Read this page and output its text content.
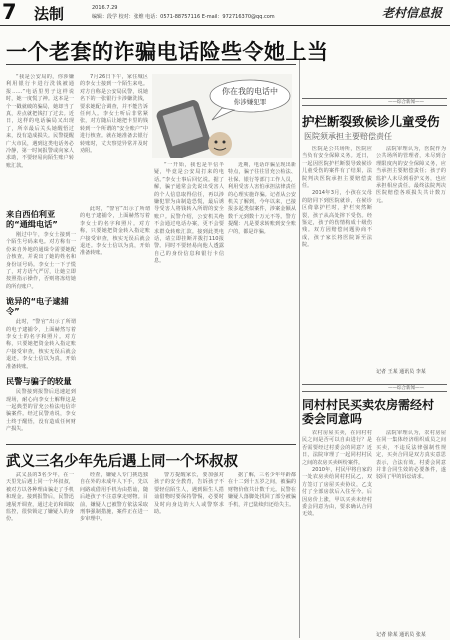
7 法制	2016.7.29
编辑：段学 校对：张维 电话：0571-88757116 E-mail：972716370@qq.com	老村信息报
一个老套的诈骗电话险些令她上当
你在我的电话中
你涉嫌犯罪

“我是公安局的，你涉嫌利用银行卡进行洗钱被通报……”电话里男子这样说时，她一度慌了神。这本是一个一戳就破的骗局，她却当了真，差点就把钱打了过去。近日，这样的电话骗局又出现了，所幸最后关头她醒悟过来，没有造成损失。民警提醒广大市民，遇到这类电话务必冷静，第一时间报警或向家人求助，不要轻易向陌生账户转账汇款。

7月26日下午，家住城区的李女士接到一个陌生来电。对方自称是公安局民警，说她名下的一张银行卡涉嫌洗钱，要求她配合调查，并不能告诉任何人。李女士听后非常紧张，对方随后让她把卡里的钱转到一个所谓的“安全账户”中进行核查。就在她准备去银行转账时，丈夫察觉异常并及时劝阻。

来自西伯利亚的“通缉电话”

刚过中午，李女士接到一个陌生号码来电。对方称有一份来自外地的通缉令需要她配合核查，并说出了她的姓名和身份证号码。李女士一下子慌了，对方语气严厉，让她立即按照指示操作，否则将冻结她的所有账户。

诡异的“电子逮捕令”

此时，“警官”出示了所谓的电子逮捕令，上面赫然写着李女士的名字和照片。对方称，只要她把资金转入指定账户接受审查，核实无误后就会退还。李女士信以为真，开始准备转账。

民警与骗子的较量

民警接到报警后迅速赶到现场，耐心向李女士解释这是一起典型的冒充公检法电信诈骗案件。经过民警劝说，李女士终于醒悟，没有造成任何财产损失。

此时，“警官”出示了所谓的电子逮捕令，上面赫然写着李女士的名字和照片。对方称，只要她把资金转入指定账户接受审查，核实无误后就会退还。李女士信以为真，开始准备转账。

“一开始，我也是半信半疑，毕竟是公安局打来的电话。”李女士事后回忆说。据了解，骗子通常会先说出受害人的个人信息取得信任，再以涉嫌犯罪为由制造恐慌，最后诱导受害人将钱转入所谓的安全账户。民警介绍，公安机关绝不会通过电话办案，更不会要求群众转账汇款。接到此类电话，请立即挂断并拨打110报警。同时不要轻易向他人透露自己的身份信息和银行卡信息。

近期，电话诈骗呈现出新特点，骗子往往冒充公检法、社保、银行等部门工作人员，利用受害人害怕承担法律责任的心理实施诈骗。记者从公安机关了解到，今年以来，已接报多起类似案件，涉案金额从数千元到数十万元不等。警方提醒：凡是要求转账到安全账户的，都是诈骗。

武义三名少年先后遇上同一个坏叔叔

武义县的3名少年，在一天里先后遇上同一个坏叔叔，被对方以各种理由骗走了手机和现金。接到报警后，民警迅速展开调查，通过走访和调取监控，很快锁定了嫌疑人的身份。

经查，嫌疑人专门挑选独自在外的未成年人下手，先以问路或借用手机为由搭讪，随后趁孩子不注意拿走财物。目前，嫌疑人已被警方依法采取刑事强制措施，案件正在进一步审理中。

警方提醒家长，要加强对孩子的安全教育，告诉孩子不要轻信陌生人，遇到陌生人搭讪借物时要保持警惕，必要时及时向身边的大人或警察求助。

据了解，三名少年年龄都在十二到十五岁之间，被骗的财物价值共计数千元。民警在嫌疑人落脚处找回了部分被骗手机，并已陆续归还给失主。

——综合新闻——
护栏断裂致候诊儿童受伤
医院须承担主要赔偿责任

医院是公共场所，医院应当负有安全保障义务。近日，一起因医院护栏断裂导致候诊儿童受伤的案件有了结果，法院判决医院承担主要赔偿责任。

2014年3月，小孩在父母的陪同下到医院就诊，在候诊区倚靠护栏时，护栏突然断裂，孩子从高处摔下受伤。经鉴定，孩子的伤情构成十级伤残。双方因赔偿问题协商不成，孩子家长将医院诉至法院。

法院审理认为，医院作为公共场所的管理者，未尽到合理限度内的安全保障义务，应当承担主要赔偿责任；孩子的监护人未尽到看护义务，也应承担相应责任。最终法院判决医院赔偿各项损失共计数万元。

记者 王某 通讯员 李某
——综合新闻——
同村村民买卖农房需经村委会同意吗

农村房屋买卖，在同村村民之间是否可以自由进行？是否需要经过村委会的同意？近日，法院审理了一起同村村民之间的农房买卖纠纷案件。

2010年，村民甲将自家的一处农房卖给同村村民乙，双方签订了房屋买卖协议，乙支付了全部房款后入住至今。后因房价上涨，甲以买卖未经村委会同意为由，要求确认合同无效。

法院审理认为，农村房屋在同一集体经济组织成员之间买卖，不违反法律强制性规定，买卖合同是双方真实意思表示，合法有效。村委会同意并非合同生效的必要条件，遂驳回了甲的诉讼请求。

记者 徐某 通讯员 张某
